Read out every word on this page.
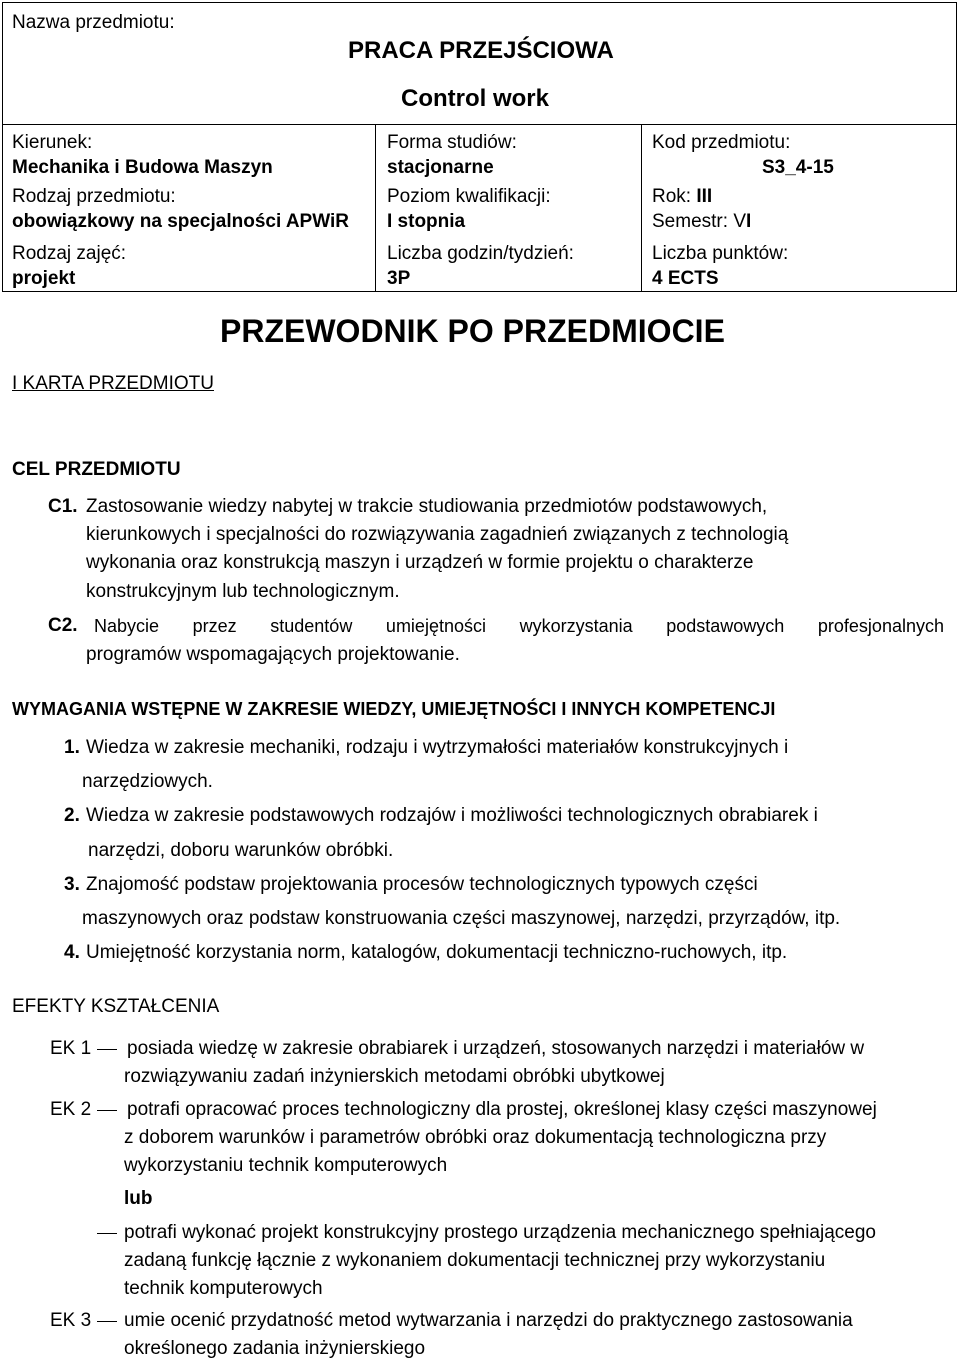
Nazwa przedmiotu:
PRACA PRZEJŚCIOWA
Control work
Kierunek:
Mechanika i Budowa Maszyn
Rodzaj przedmiotu:
obowiązkowy na specjalności APWiR
Rodzaj zajęć:
projekt
Forma studiów:
stacjonarne
Poziom kwalifikacji:
I stopnia
Liczba godzin/tydzień:
3P
Kod przedmiotu:
S3_4-15
Rok: III
Semestr: VI
Liczba punktów:
4 ECTS
PRZEWODNIK PO PRZEDMIOCIE
I KARTA PRZEDMIOTU
CEL PRZEDMIOTU
C1. Zastosowanie wiedzy nabytej w trakcie studiowania przedmiotów podstawowych,
kierunkowych i specjalności do rozwiązywania zagadnień związanych z technologią
wykonania oraz konstrukcją maszyn i urządzeń w formie projektu o charakterze
konstrukcyjnym lub technologicznym.
C2. Nabycie przez studentów umiejętności wykorzystania podstawowych profesjonalnych
programów wspomagających projektowanie.
WYMAGANIA WSTĘPNE W ZAKRESIE WIEDZY, UMIEJĘTNOŚCI I INNYCH KOMPETENCJI
1. Wiedza w zakresie mechaniki, rodzaju i wytrzymałości materiałów konstrukcyjnych i
narzędziowych.
2. Wiedza w zakresie podstawowych rodzajów i możliwości technologicznych obrabiarek i
narzędzi, doboru warunków obróbki.
3. Znajomość podstaw projektowania procesów technologicznych typowych części
maszynowych oraz podstaw konstruowania części maszynowej, narzędzi, przyrządów, itp.
4. Umiejętność korzystania norm, katalogów, dokumentacji techniczno-ruchowych, itp.
EFEKTY KSZTAŁCENIA
EK 1 posiada wiedzę w zakresie obrabiarek i urządzeń, stosowanych narzędzi i materiałów w
rozwiązywaniu zadań inżynierskich metodami obróbki ubytkowej
EK 2 potrafi opracować proces technologiczny dla prostej, określonej klasy części maszynowej
z doborem warunków i parametrów obróbki oraz dokumentacją technologiczna przy
wykorzystaniu technik komputerowych
lub
potrafi wykonać projekt konstrukcyjny prostego urządzenia mechanicznego spełniającego
zadaną funkcję łącznie z wykonaniem dokumentacji technicznej przy wykorzystaniu
technik komputerowych
EK 3 umie ocenić przydatność metod wytwarzania i narzędzi do praktycznego zastosowania
określonego zadania inżynierskiego
